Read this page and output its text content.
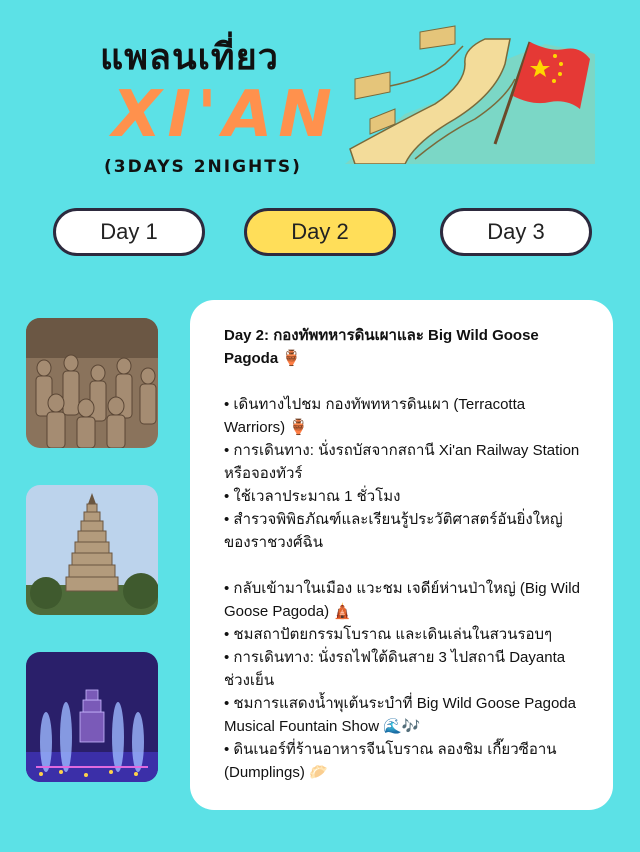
แพลนเที่ยว
XI'AN
(3DAYS 2NIGHTS)
Day 1	Day 2	Day 3
Day 2: กองทัพทหารดินเผาและ Big Wild Goose Pagoda 🏺

• เดินทางไปชม กองทัพทหารดินเผา (Terracotta Warriors) 🏺

• การเดินทาง: นั่งรถบัสจากสถานี Xi'an Railway Station หรือจองทัวร์

• ใช้เวลาประมาณ 1 ชั่วโมง

• สำรวจพิพิธภัณฑ์และเรียนรู้ประวัติศาสตร์อันยิ่งใหญ่ของราชวงศ์ฉิน

• กลับเข้ามาในเมือง แวะชม เจดีย์ห่านป่าใหญ่ (Big Wild Goose Pagoda) 🛕

• ชมสถาปัตยกรรมโบราณ และเดินเล่นในสวนรอบๆ

• การเดินทาง: นั่งรถไฟใต้ดินสาย 3 ไปสถานี Dayanta ช่วงเย็น

• ชมการแสดงน้ำพุเต้นระบำที่ Big Wild Goose Pagoda Musical Fountain Show 🌊🎶

• ดินเนอร์ที่ร้านอาหารจีนโบราณ ลองชิม เกี๊ยวซีอาน (Dumplings) 🥟
